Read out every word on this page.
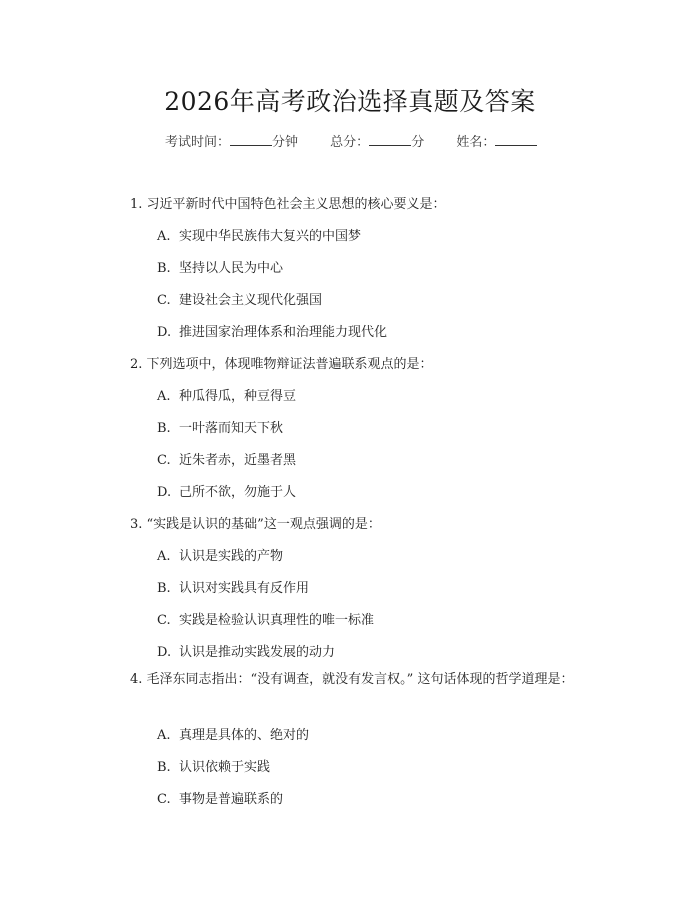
2026年高考政治选择真题及答案
考试时间：	分钟 总分：	分 姓名：
1. 习近平新时代中国特色社会主义思想的核心要义是：
A. 实现中华民族伟大复兴的中国梦
B. 坚持以人民为中心
C. 建设社会主义现代化强国
D. 推进国家治理体系和治理能力现代化
2. 下列选项中，体现唯物辩证法普遍联系观点的是：
A. 种瓜得瓜，种豆得豆
B. 一叶落而知天下秋
C. 近朱者赤，近墨者黑
D. 己所不欲，勿施于人
3. “实践是认识的基础”这一观点强调的是：
A. 认识是实践的产物
B. 认识对实践具有反作用
C. 实践是检验认识真理性的唯一标准
D. 认识是推动实践发展的动力
4. 毛泽东同志指出：“没有调查，就没有发言权。” 这句话体现的哲学道理是：
A. 真理是具体的、绝对的
B. 认识依赖于实践
C. 事物是普遍联系的
